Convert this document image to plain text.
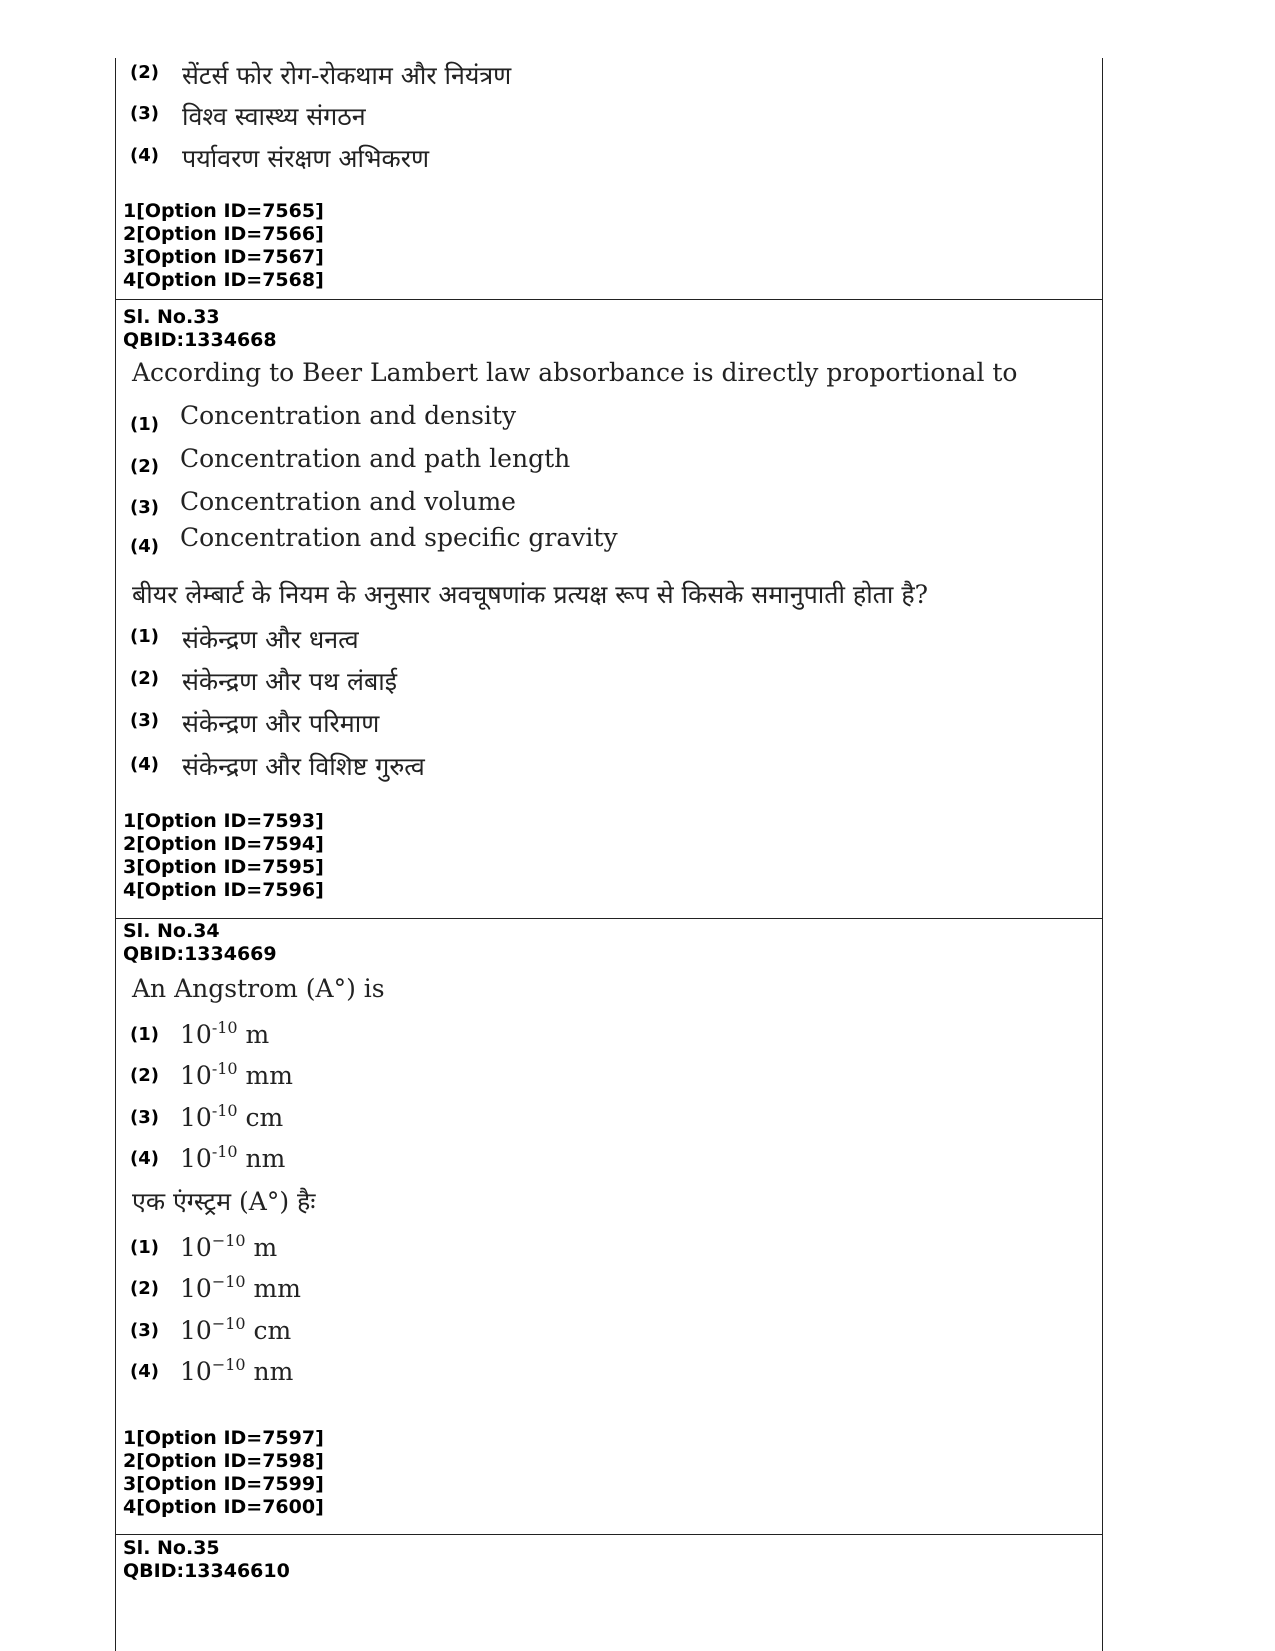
(2) सेंटर्स फोर रोग-रोकथाम और नियंत्रण
(3) विश्व स्वास्थ्य संगठन
(4) पर्यावरण संरक्षण अभिकरण
1[Option ID=7565]
2[Option ID=7566]
3[Option ID=7567]
4[Option ID=7568]
Sl. No.33
QBID:1334668
According to Beer Lambert law absorbance is directly proportional to
(1) Concentration and density
(2) Concentration and path length
(3) Concentration and volume
(4) Concentration and specific gravity
बीयर लेम्बार्ट के नियम के अनुसार अवचूषणांक प्रत्यक्ष रूप से किसके समानुपाती होता है?
(1) संकेन्द्रण और धनत्व
(2) संकेन्द्रण और पथ लंबाई
(3) संकेन्द्रण और परिमाण
(4) संकेन्द्रण और विशिष्ट गुरुत्व
1[Option ID=7593]
2[Option ID=7594]
3[Option ID=7595]
4[Option ID=7596]
Sl. No.34
QBID:1334669
An Angstrom (A°) is
(1) $10^{-10}$ m
(2) $10^{-10}$ mm
(3) $10^{-10}$ cm
(4) $10^{-10}$ nm
एक एंग्स्ट्रम (A°) हैः
(1) $10^{-10}$ m
(2) $10^{-10}$ mm
(3) $10^{-10}$ cm
(4) $10^{-10}$ nm
1[Option ID=7597]
2[Option ID=7598]
3[Option ID=7599]
4[Option ID=7600]
Sl. No.35
QBID:13346610
